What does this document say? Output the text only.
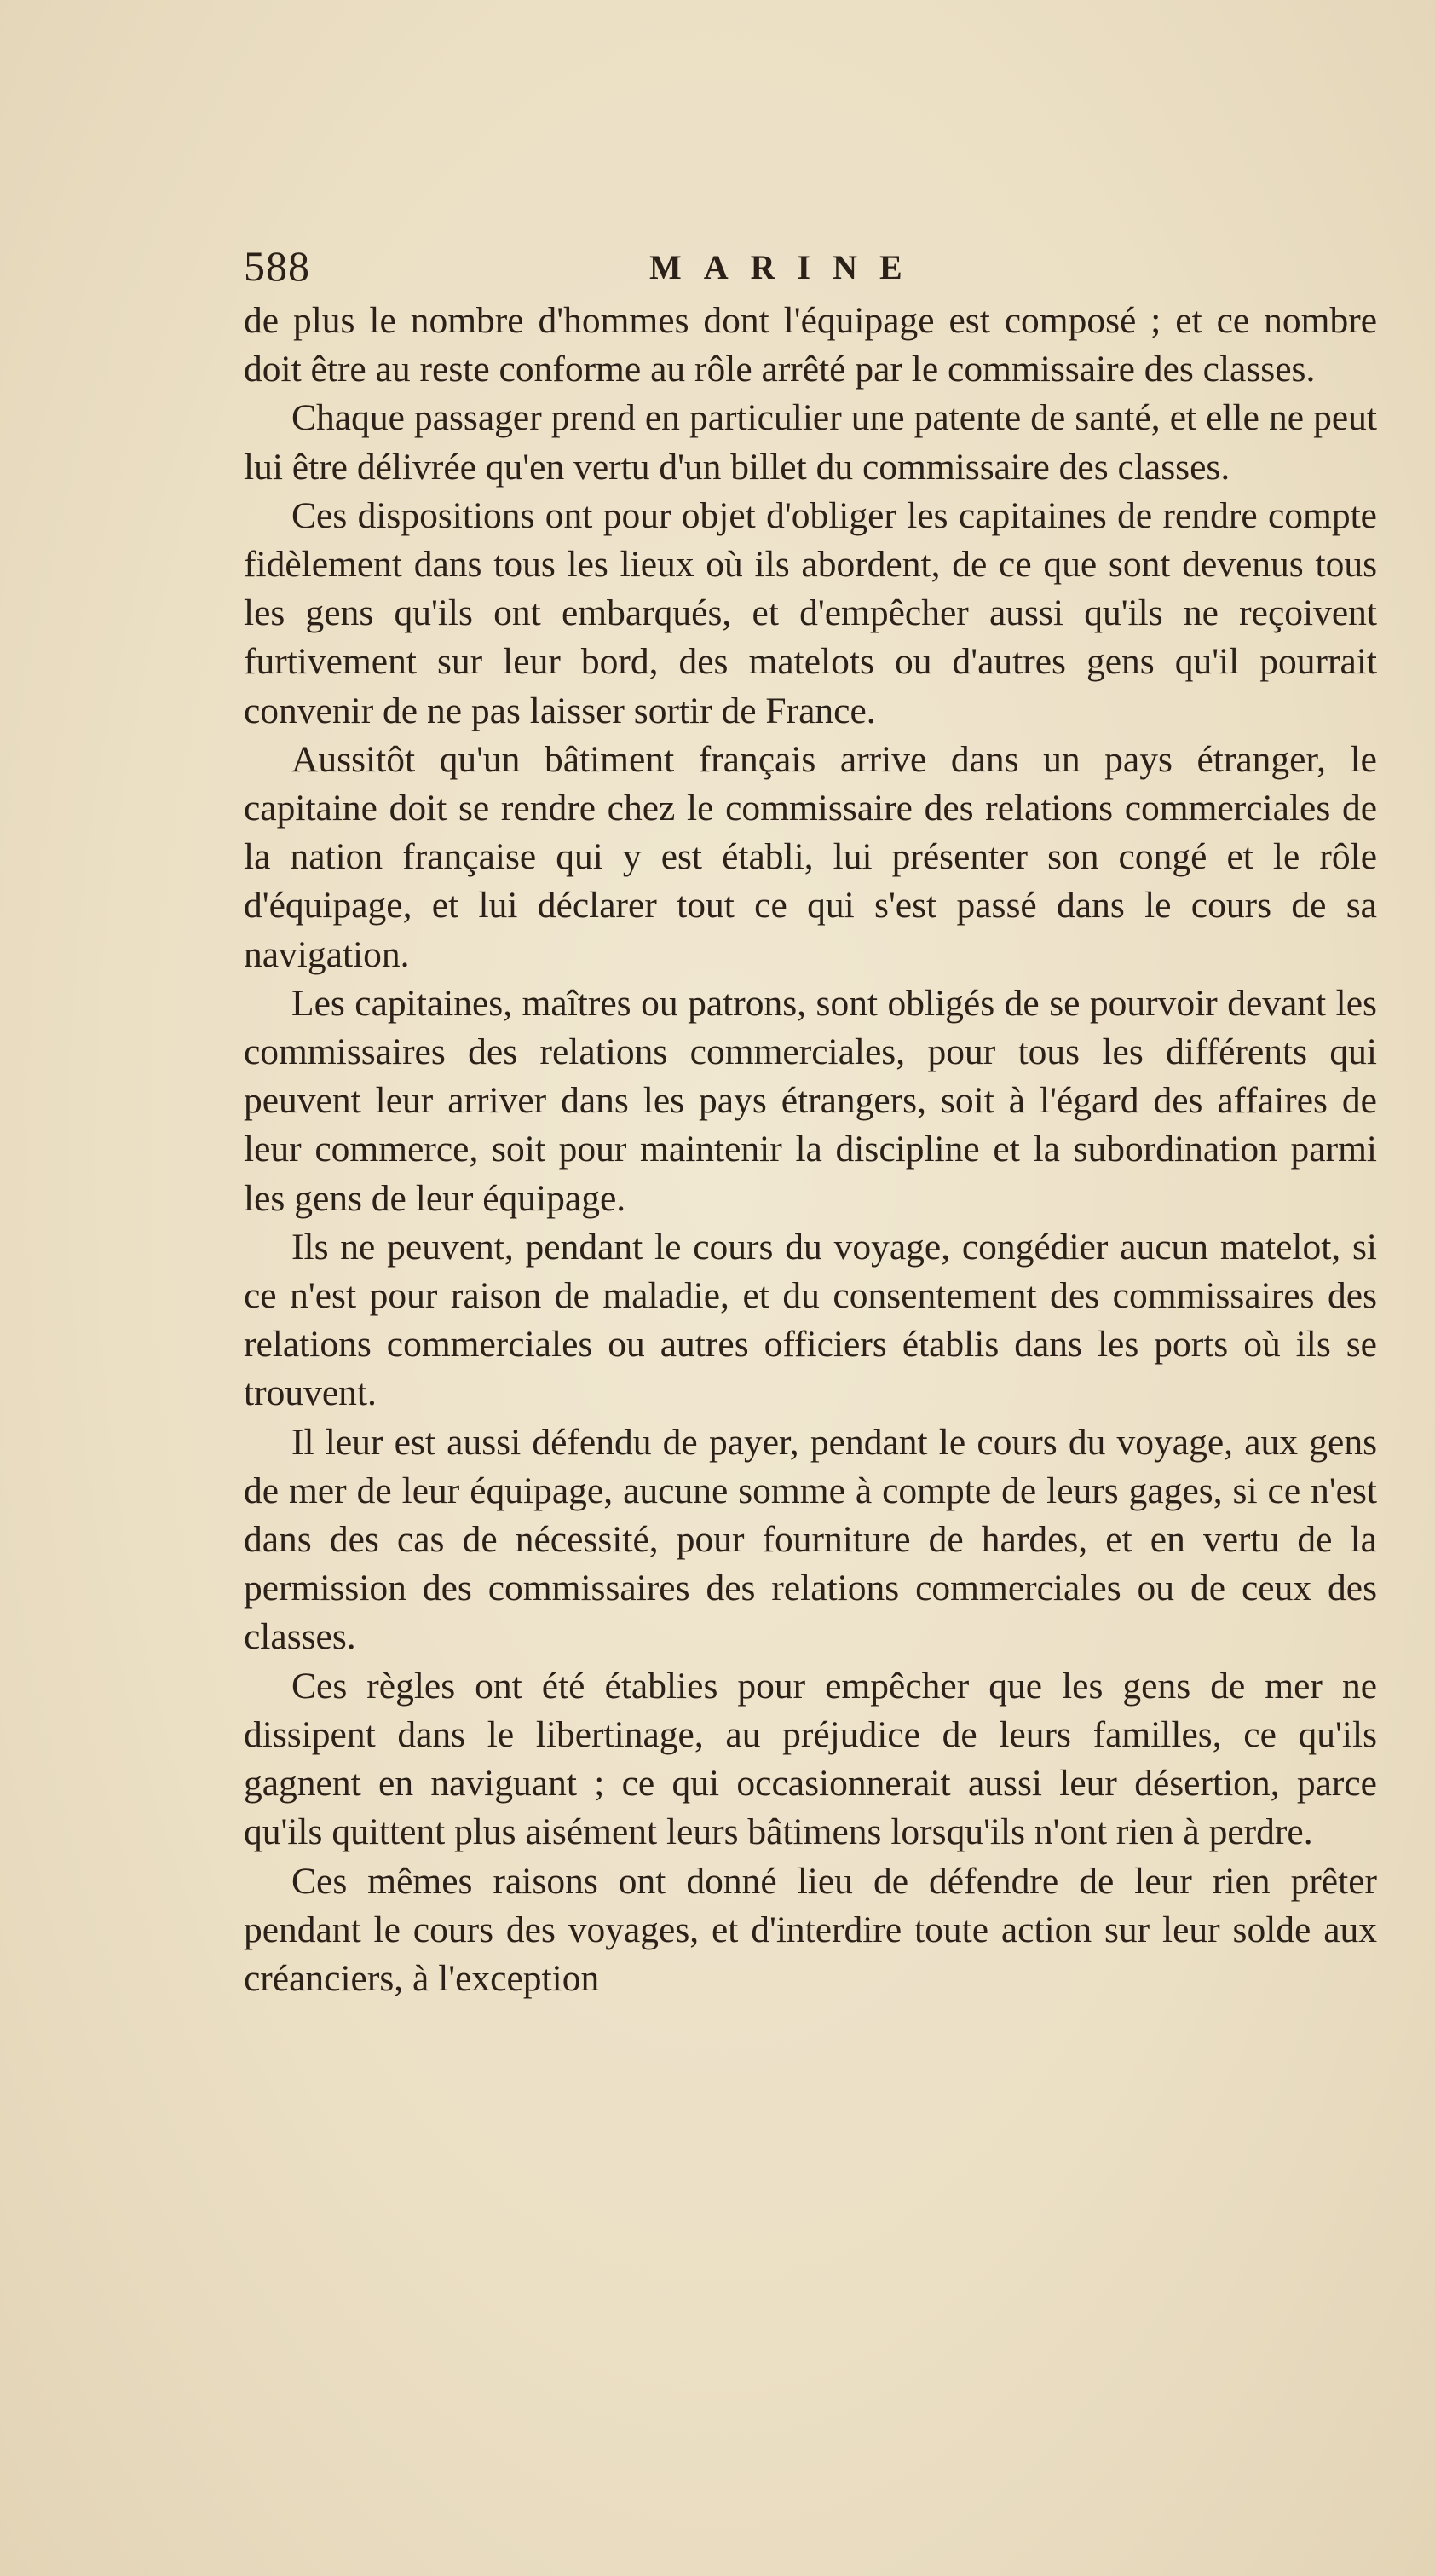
588	MARINE

de plus le nombre d'hommes dont l'équipage est composé ; et ce nombre doit être au reste conforme au rôle arrêté par le commissaire des classes.

Chaque passager prend en particulier une patente de santé, et elle ne peut lui être délivrée qu'en vertu d'un billet du commissaire des classes.

Ces dispositions ont pour objet d'obliger les capitaines de rendre compte fidèlement dans tous les lieux où ils abordent, de ce que sont devenus tous les gens qu'ils ont embarqués, et d'empêcher aussi qu'ils ne reçoivent furtivement sur leur bord, des matelots ou d'autres gens qu'il pourrait convenir de ne pas laisser sortir de France.

Aussitôt qu'un bâtiment français arrive dans un pays étranger, le capitaine doit se rendre chez le commissaire des relations commerciales de la nation française qui y est établi, lui présenter son congé et le rôle d'équipage, et lui déclarer tout ce qui s'est passé dans le cours de sa navigation.

Les capitaines, maîtres ou patrons, sont obligés de se pourvoir devant les commissaires des relations commerciales, pour tous les différents qui peuvent leur arriver dans les pays étrangers, soit à l'égard des affaires de leur commerce, soit pour maintenir la discipline et la subordination parmi les gens de leur équipage.

Ils ne peuvent, pendant le cours du voyage, congédier aucun matelot, si ce n'est pour raison de maladie, et du consentement des commissaires des relations commerciales ou autres officiers établis dans les ports où ils se trouvent.

Il leur est aussi défendu de payer, pendant le cours du voyage, aux gens de mer de leur équipage, aucune somme à compte de leurs gages, si ce n'est dans des cas de nécessité, pour fourniture de hardes, et en vertu de la permission des commissaires des relations commerciales ou de ceux des classes.

Ces règles ont été établies pour empêcher que les gens de mer ne dissipent dans le libertinage, au préjudice de leurs familles, ce qu'ils gagnent en naviguant ; ce qui occasionnerait aussi leur désertion, parce qu'ils quittent plus aisément leurs bâtimens lorsqu'ils n'ont rien à perdre.

Ces mêmes raisons ont donné lieu de défendre de leur rien prêter pendant le cours des voyages, et d'interdire toute action sur leur solde aux créanciers, à l'exception
